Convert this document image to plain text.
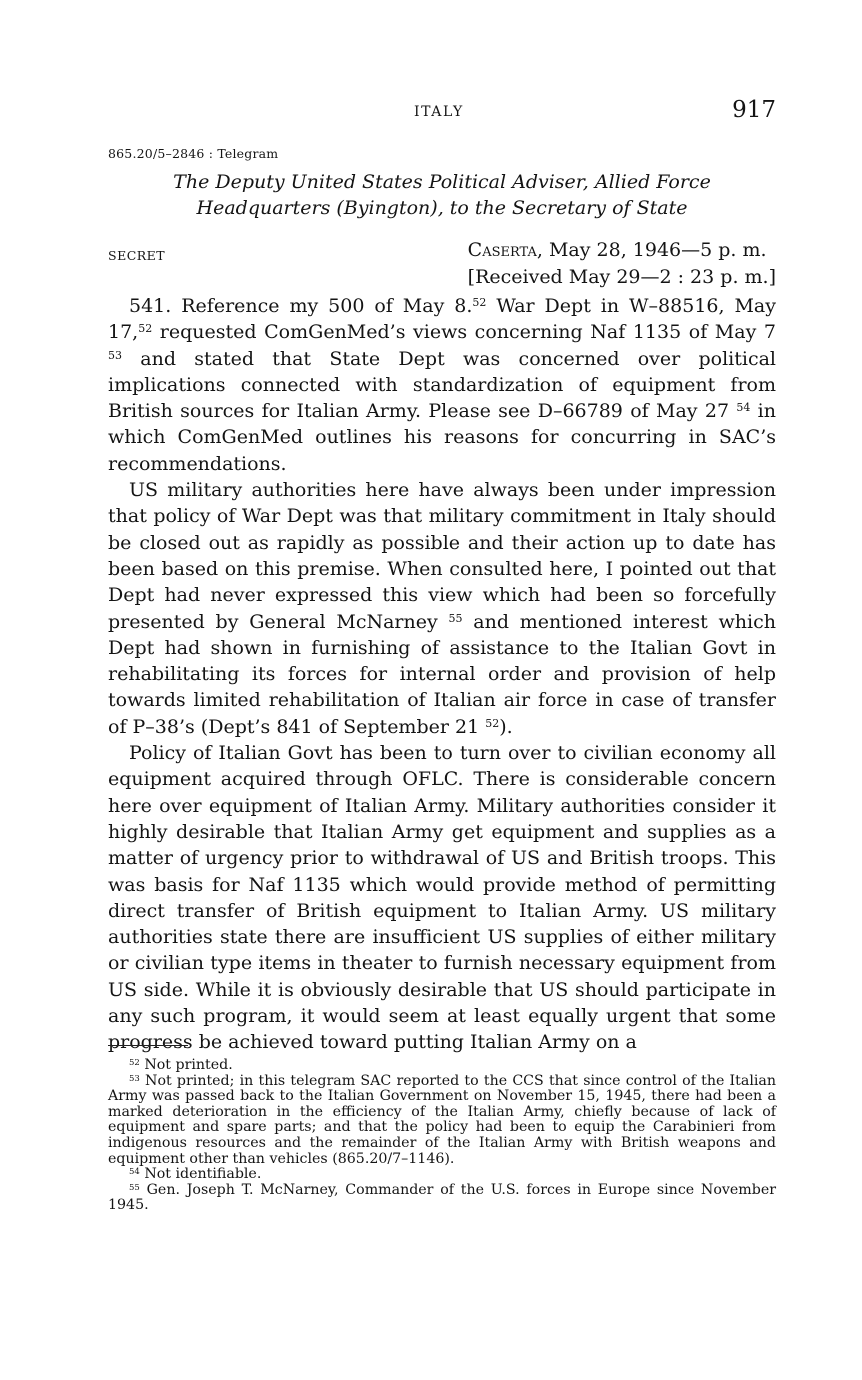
ITALY	917
865.20/5–2846 : Telegram
The Deputy United States Political Adviser, Allied Force
Headquarters (Byington), to the Secretary of State
SECRET	Caserta, May 28, 1946—5 p. m.
[Received May 29—2 : 23 p. m.]

541. Reference my 500 of May 8.52 War Dept in W–88516, May 17,52 requested ComGenMed’s views concerning Naf 1135 of May 7 $^{53}$ and stated that State Dept was concerned over political implications connected with standardization of equipment from British sources for Italian Army. Please see D–66789 of May 27 $^{54}$ in which ComGenMed outlines his reasons for concurring in SAC’s recommendations.

US military authorities here have always been under impression that policy of War Dept was that military commitment in Italy should be closed out as rapidly as possible and their action up to date has been based on this premise. When consulted here, I pointed out that Dept had never expressed this view which had been so forcefully presented by General McNarney $^{55}$ and mentioned interest which Dept had shown in furnishing of assistance to the Italian Govt in rehabilitating its forces for internal order and provision of help towards limited rehabilitation of Italian air force in case of transfer of P–38’s (Dept’s 841 of September 21 $^{52}$).

Policy of Italian Govt has been to turn over to civilian economy all equipment acquired through OFLC. There is considerable concern here over equipment of Italian Army. Military authorities consider it highly desirable that Italian Army get equipment and supplies as a matter of urgency prior to withdrawal of US and British troops. This was basis for Naf 1135 which would provide method of permitting direct transfer of British equipment to Italian Army. US military authorities state there are insufficient US supplies of either military or civilian type items in theater to furnish necessary equipment from US side. While it is obviously desirable that US should participate in any such program, it would seem at least equally urgent that some progress be achieved toward putting Italian Army on a

$^{52}$ Not printed.

$^{53}$ Not printed; in this telegram SAC reported to the CCS that since control of the Italian Army was passed back to the Italian Government on November 15, 1945, there had been a marked deterioration in the efficiency of the Italian Army, chiefly because of lack of equipment and spare parts; and that the policy had been to equip the Carabinieri from indigenous resources and the remainder of the Italian Army with British weapons and equipment other than vehicles (865.20/7–1146).

$^{54}$ Not identifiable.

$^{55}$ Gen. Joseph T. McNarney, Commander of the U.S. forces in Europe since November 1945.
